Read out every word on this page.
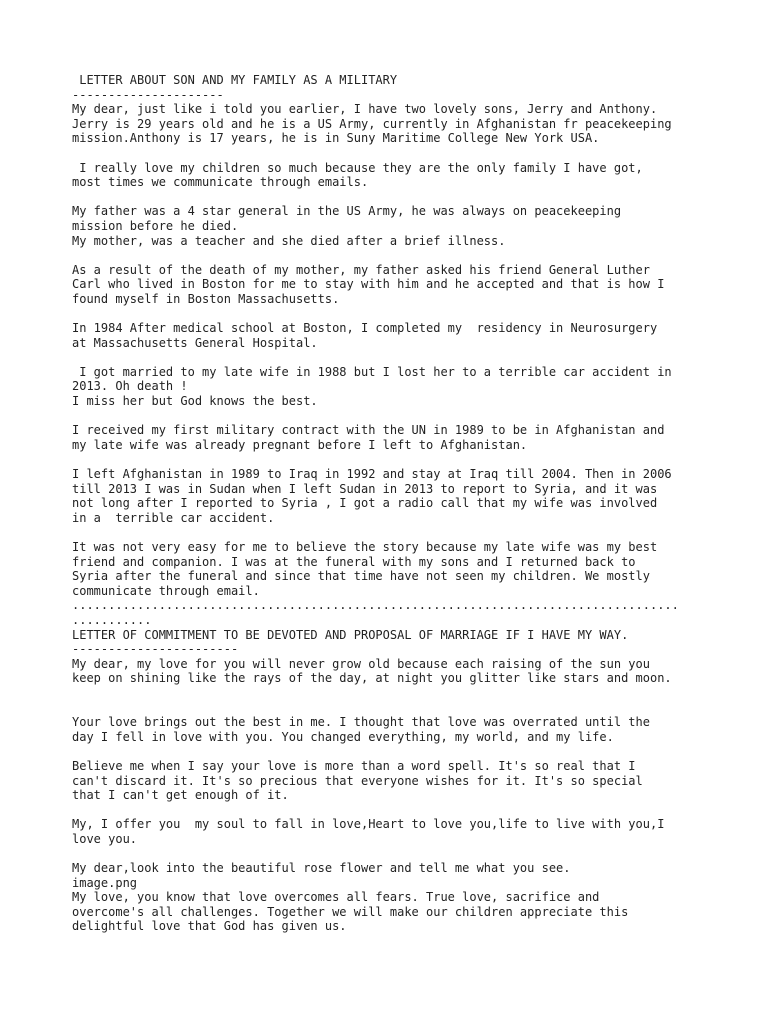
LETTER ABOUT SON AND MY FAMILY AS A MILITARY
---------------------
My dear, just like i told you earlier, I have two lovely sons, Jerry and Anthony.
Jerry is 29 years old and he is a US Army, currently in Afghanistan fr peacekeeping
mission.Anthony is 17 years, he is in Suny Maritime College New York USA.
I really love my children so much because they are the only family I have got,
most times we communicate through emails.
My father was a 4 star general in the US Army, he was always on peacekeeping
mission before he died.
My mother, was a teacher and she died after a brief illness.
As a result of the death of my mother, my father asked his friend General Luther
Carl who lived in Boston for me to stay with him and he accepted and that is how I
found myself in Boston Massachusetts.
In 1984 After medical school at Boston, I completed my  residency in Neurosurgery
at Massachusetts General Hospital.
I got married to my late wife in 1988 but I lost her to a terrible car accident in
2013. Oh death !
I miss her but God knows the best.
I received my first military contract with the UN in 1989 to be in Afghanistan and
my late wife was already pregnant before I left to Afghanistan.
I left Afghanistan in 1989 to Iraq in 1992 and stay at Iraq till 2004. Then in 2006
till 2013 I was in Sudan when I left Sudan in 2013 to report to Syria, and it was
not long after I reported to Syria , I got a radio call that my wife was involved
in a  terrible car accident.
It was not very easy for me to believe the story because my late wife was my best
friend and companion. I was at the funeral with my sons and I returned back to
Syria after the funeral and since that time have not seen my children. We mostly
communicate through email.
....................................................................................
...........
LETTER OF COMMITMENT TO BE DEVOTED AND PROPOSAL OF MARRIAGE IF I HAVE MY WAY.
-----------------------
My dear, my love for you will never grow old because each raising of the sun you
keep on shining like the rays of the day, at night you glitter like stars and moon.
Your love brings out the best in me. I thought that love was overrated until the
day I fell in love with you. You changed everything, my world, and my life.
Believe me when I say your love is more than a word spell. It's so real that I
can't discard it. It's so precious that everyone wishes for it. It's so special
that I can't get enough of it.
My, I offer you  my soul to fall in love,Heart to love you,life to live with you,I
love you.
My dear,look into the beautiful rose flower and tell me what you see.
image.png
My love, you know that love overcomes all fears. True love, sacrifice and
overcome's all challenges. Together we will make our children appreciate this
delightful love that God has given us.
